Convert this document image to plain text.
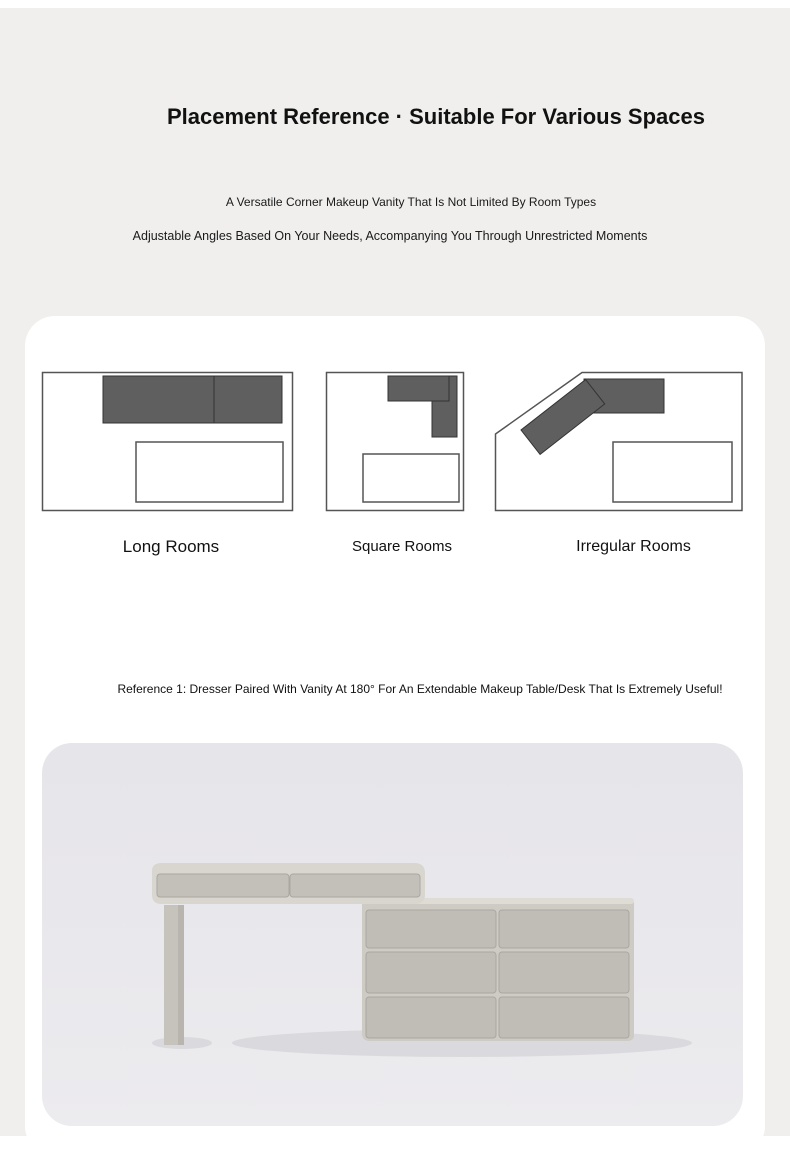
Placement Reference · Suitable For Various Spaces

A Versatile Corner Makeup Vanity That Is Not Limited By Room Types

Adjustable Angles Based On Your Needs, Accompanying You Through Unrestricted Moments

Long Rooms	Square Rooms	Irregular Rooms

Reference 1: Dresser Paired With Vanity At 180° For An Extendable Makeup Table/Desk That Is Extremely Useful!
